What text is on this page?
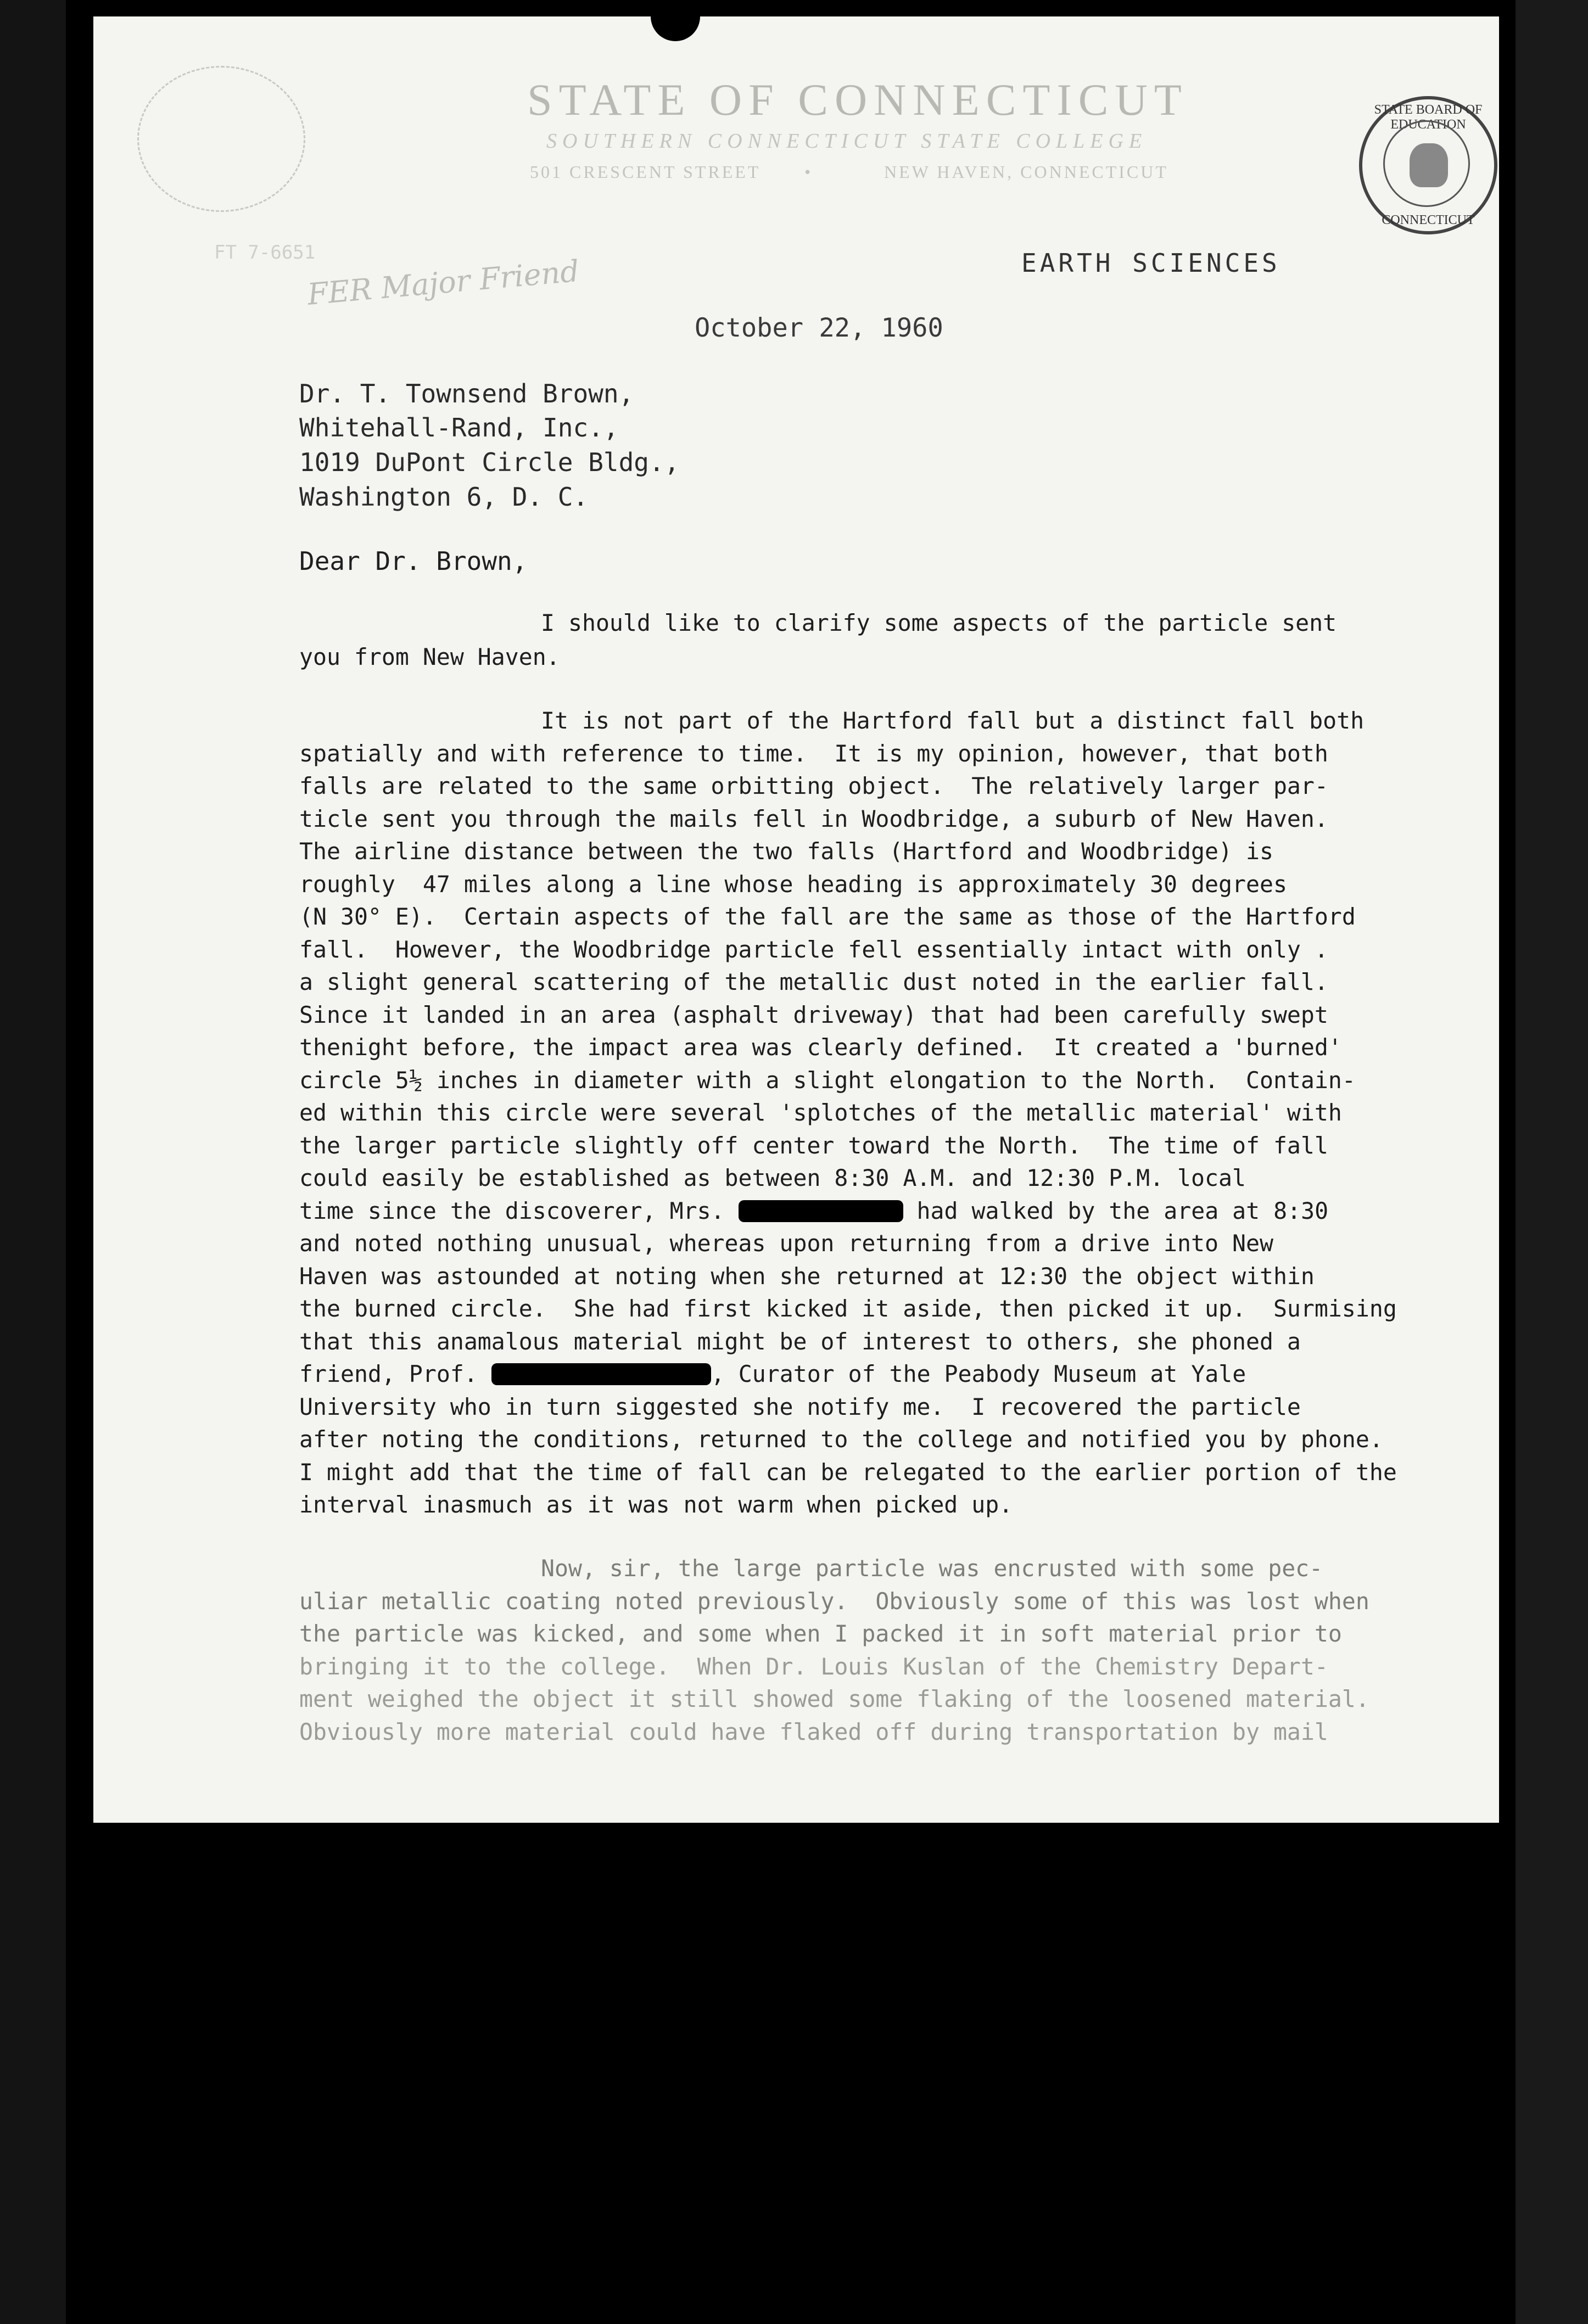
STATE BOARD OF EDUCATION
CONNECTICUT
STATE OF CONNECTICUT
SOUTHERN CONNECTICUT STATE COLLEGE
501 CRESCENT STREET •	NEW HAVEN, CONNECTICUT
FT 7-6651	EARTH SCIENCES
FER Major Friend
October 22, 1960
Dr. T. Townsend Brown,
Whitehall-Rand, Inc.,
1019 DuPont Circle Bldg.,
Washington 6, D. C.
Dear Dr. Brown,
I should like to clarify some aspects of the particle sent
you from New Haven.
It is not part of the Hartford fall but a distinct fall both
spatially and with reference to time.  It is my opinion, however, that both
falls are related to the same orbitting object.  The relatively larger par-
ticle sent you through the mails fell in Woodbridge, a suburb of New Haven.
The airline distance between the two falls (Hartford and Woodbridge) is
roughly  47 miles along a line whose heading is approximately 30 degrees
(N 30° E).  Certain aspects of the fall are the same as those of the Hartford
fall.  However, the Woodbridge particle fell essentially intact with only .
a slight general scattering of the metallic dust noted in the earlier fall.
Since it landed in an area (asphalt driveway) that had been carefully swept
thenight before, the impact area was clearly defined.  It created a 'burned'
circle 5½ inches in diameter with a slight elongation to the North.  Contain-
ed within this circle were several 'splotches of the metallic material' with
the larger particle slightly off center toward the North.  The time of fall
could easily be established as between 8:30 A.M. and 12:30 P.M. local
time since the discoverer, Mrs.	had walked by the area at 8:30
and noted nothing unusual, whereas upon returning from a drive into New
Haven was astounded at noting when she returned at 12:30 the object within
the burned circle.  She had first kicked it aside, then picked it up.  Surmising
that this anamalous material might be of interest to others, she phoned a
friend, Prof.	, Curator of the Peabody Museum at Yale
University who in turn siggested she notify me.  I recovered the particle
after noting the conditions, returned to the college and notified you by phone.
I might add that the time of fall can be relegated to the earlier portion of the
interval inasmuch as it was not warm when picked up.
Now, sir, the large particle was encrusted with some pec-
uliar metallic coating noted previously.  Obviously some of this was lost when
the particle was kicked, and some when I packed it in soft material prior to
bringing it to the college.  When Dr. Louis Kuslan of the Chemistry Depart-
ment weighed the object it still showed some flaking of the loosened material.
Obviously more material could have flaked off during transportation by mail
